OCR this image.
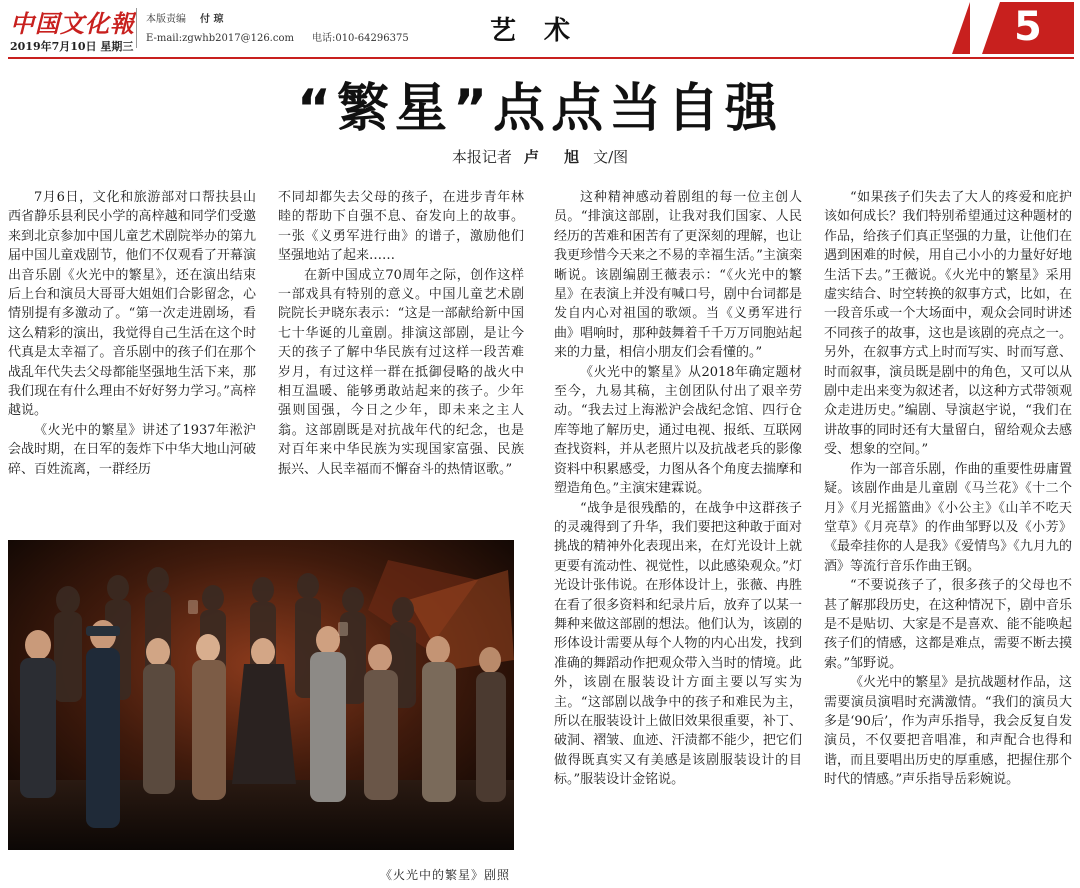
中国文化報
2019年7月10日 星期三
本版责编 付 琼
E-mail:zgwhb2017@126.com 电话:010-64296375	艺术	5
“繁星”点点当自强
本报记者 卢 旭 文/图

7月6日，文化和旅游部对口帮扶县山西省静乐县利民小学的高梓越和同学们受邀来到北京参加中国儿童艺术剧院举办的第九届中国儿童戏剧节，他们不仅观看了开幕演出音乐剧《火光中的繁星》，还在演出结束后上台和演员大哥哥大姐姐们合影留念，心情别提有多激动了。“第一次走进剧场，看这么精彩的演出，我觉得自己生活在这个时代真是太幸福了。音乐剧中的孩子们在那个战乱年代失去父母都能坚强地生活下来，那我们现在有什么理由不好好努力学习。”高梓越说。

《火光中的繁星》讲述了1937年淞沪会战时期，在日军的轰炸下中华大地山河破碎、百姓流离，一群经历

不同却都失去父母的孩子，在进步青年林睦的帮助下自强不息、奋发向上的故事。一张《义勇军进行曲》的谱子，激励他们坚强地站了起来……

在新中国成立70周年之际，创作这样一部戏具有特别的意义。中国儿童艺术剧院院长尹晓东表示：“这是一部献给新中国七十华诞的儿童剧。排演这部剧，是让今天的孩子了解中华民族有过这样一段苦难岁月，有过这样一群在抵御侵略的战火中相互温暖、能够勇敢站起来的孩子。少年强则国强，今日之少年，即未来之主人翁。这部剧既是对抗战年代的纪念，也是对百年来中华民族为实现国家富强、民族振兴、人民幸福而不懈奋斗的热情讴歌。”

这种精神感动着剧组的每一位主创人员。“排演这部剧，让我对我们国家、人民经历的苦难和困苦有了更深刻的理解，也让我更珍惜今天来之不易的幸福生活。”主演栾晰说。该剧编剧王薇表示：“《火光中的繁星》在表演上并没有喊口号，剧中台词都是发自内心对祖国的歌颂。当《义勇军进行曲》唱响时，那种鼓舞着千千万万同胞站起来的力量，相信小朋友们会看懂的。”

《火光中的繁星》从2018年确定题材至今，九易其稿，主创团队付出了艰辛劳动。“我去过上海淞沪会战纪念馆、四行仓库等地了解历史，通过电视、报纸、互联网查找资料，并从老照片以及抗战老兵的影像资料中积累感受，力图从各个角度去揣摩和塑造角色。”主演宋建霖说。

“战争是很残酷的，在战争中这群孩子的灵魂得到了升华，我们要把这种敢于面对挑战的精神外化表现出来，在灯光设计上就更要有流动性、视觉性，以此感染观众。”灯光设计张伟说。在形体设计上，张薇、冉胜在看了很多资料和纪录片后，放弃了以某一舞种来做这部剧的想法。他们认为，该剧的形体设计需要从每个人物的内心出发，找到准确的舞蹈动作把观众带入当时的情境。此外，该剧在服装设计方面主要以写实为主。“这部剧以战争中的孩子和难民为主，所以在服装设计上做旧效果很重要，补丁、破洞、褶皱、血迹、汗渍都不能少，把它们做得既真实又有美感是该剧服装设计的目标。”服装设计金铭说。

“如果孩子们失去了大人的疼爱和庇护该如何成长？我们特别希望通过这种题材的作品，给孩子们真正坚强的力量，让他们在遇到困难的时候，用自己小小的力量好好地生活下去。”王薇说。《火光中的繁星》采用虚实结合、时空转换的叙事方式，比如，在一段音乐或一个大场面中，观众会同时讲述不同孩子的故事，这也是该剧的亮点之一。另外，在叙事方式上时而写实、时而写意、时而叙事，演员既是剧中的角色，又可以从剧中走出来变为叙述者，以这种方式带领观众走进历史。”编剧、导演赵宇说，“我们在讲故事的同时还有大量留白，留给观众去感受、想象的空间。”

作为一部音乐剧，作曲的重要性毋庸置疑。该剧作曲是儿童剧《马兰花》《十二个月》《月光摇篮曲》《小公主》《山羊不吃天堂草》《月亮草》的作曲邹野以及《小芳》《最牵挂你的人是我》《爱情鸟》《九月九的酒》等流行音乐作曲王钢。

“不要说孩子了，很多孩子的父母也不甚了解那段历史，在这种情况下，剧中音乐是不是贴切、大家是不是喜欢、能不能唤起孩子们的情感，这都是难点，需要不断去摸索。”邹野说。

《火光中的繁星》是抗战题材作品，这需要演员演唱时充满激情。“我们的演员大多是‘90后’，作为声乐指导，我会反复自发演员，不仅要把音唱准，和声配合也得和谐，而且要唱出历史的厚重感，把握住那个时代的情感。”声乐指导岳彩婉说。

《火光中的繁星》剧照
